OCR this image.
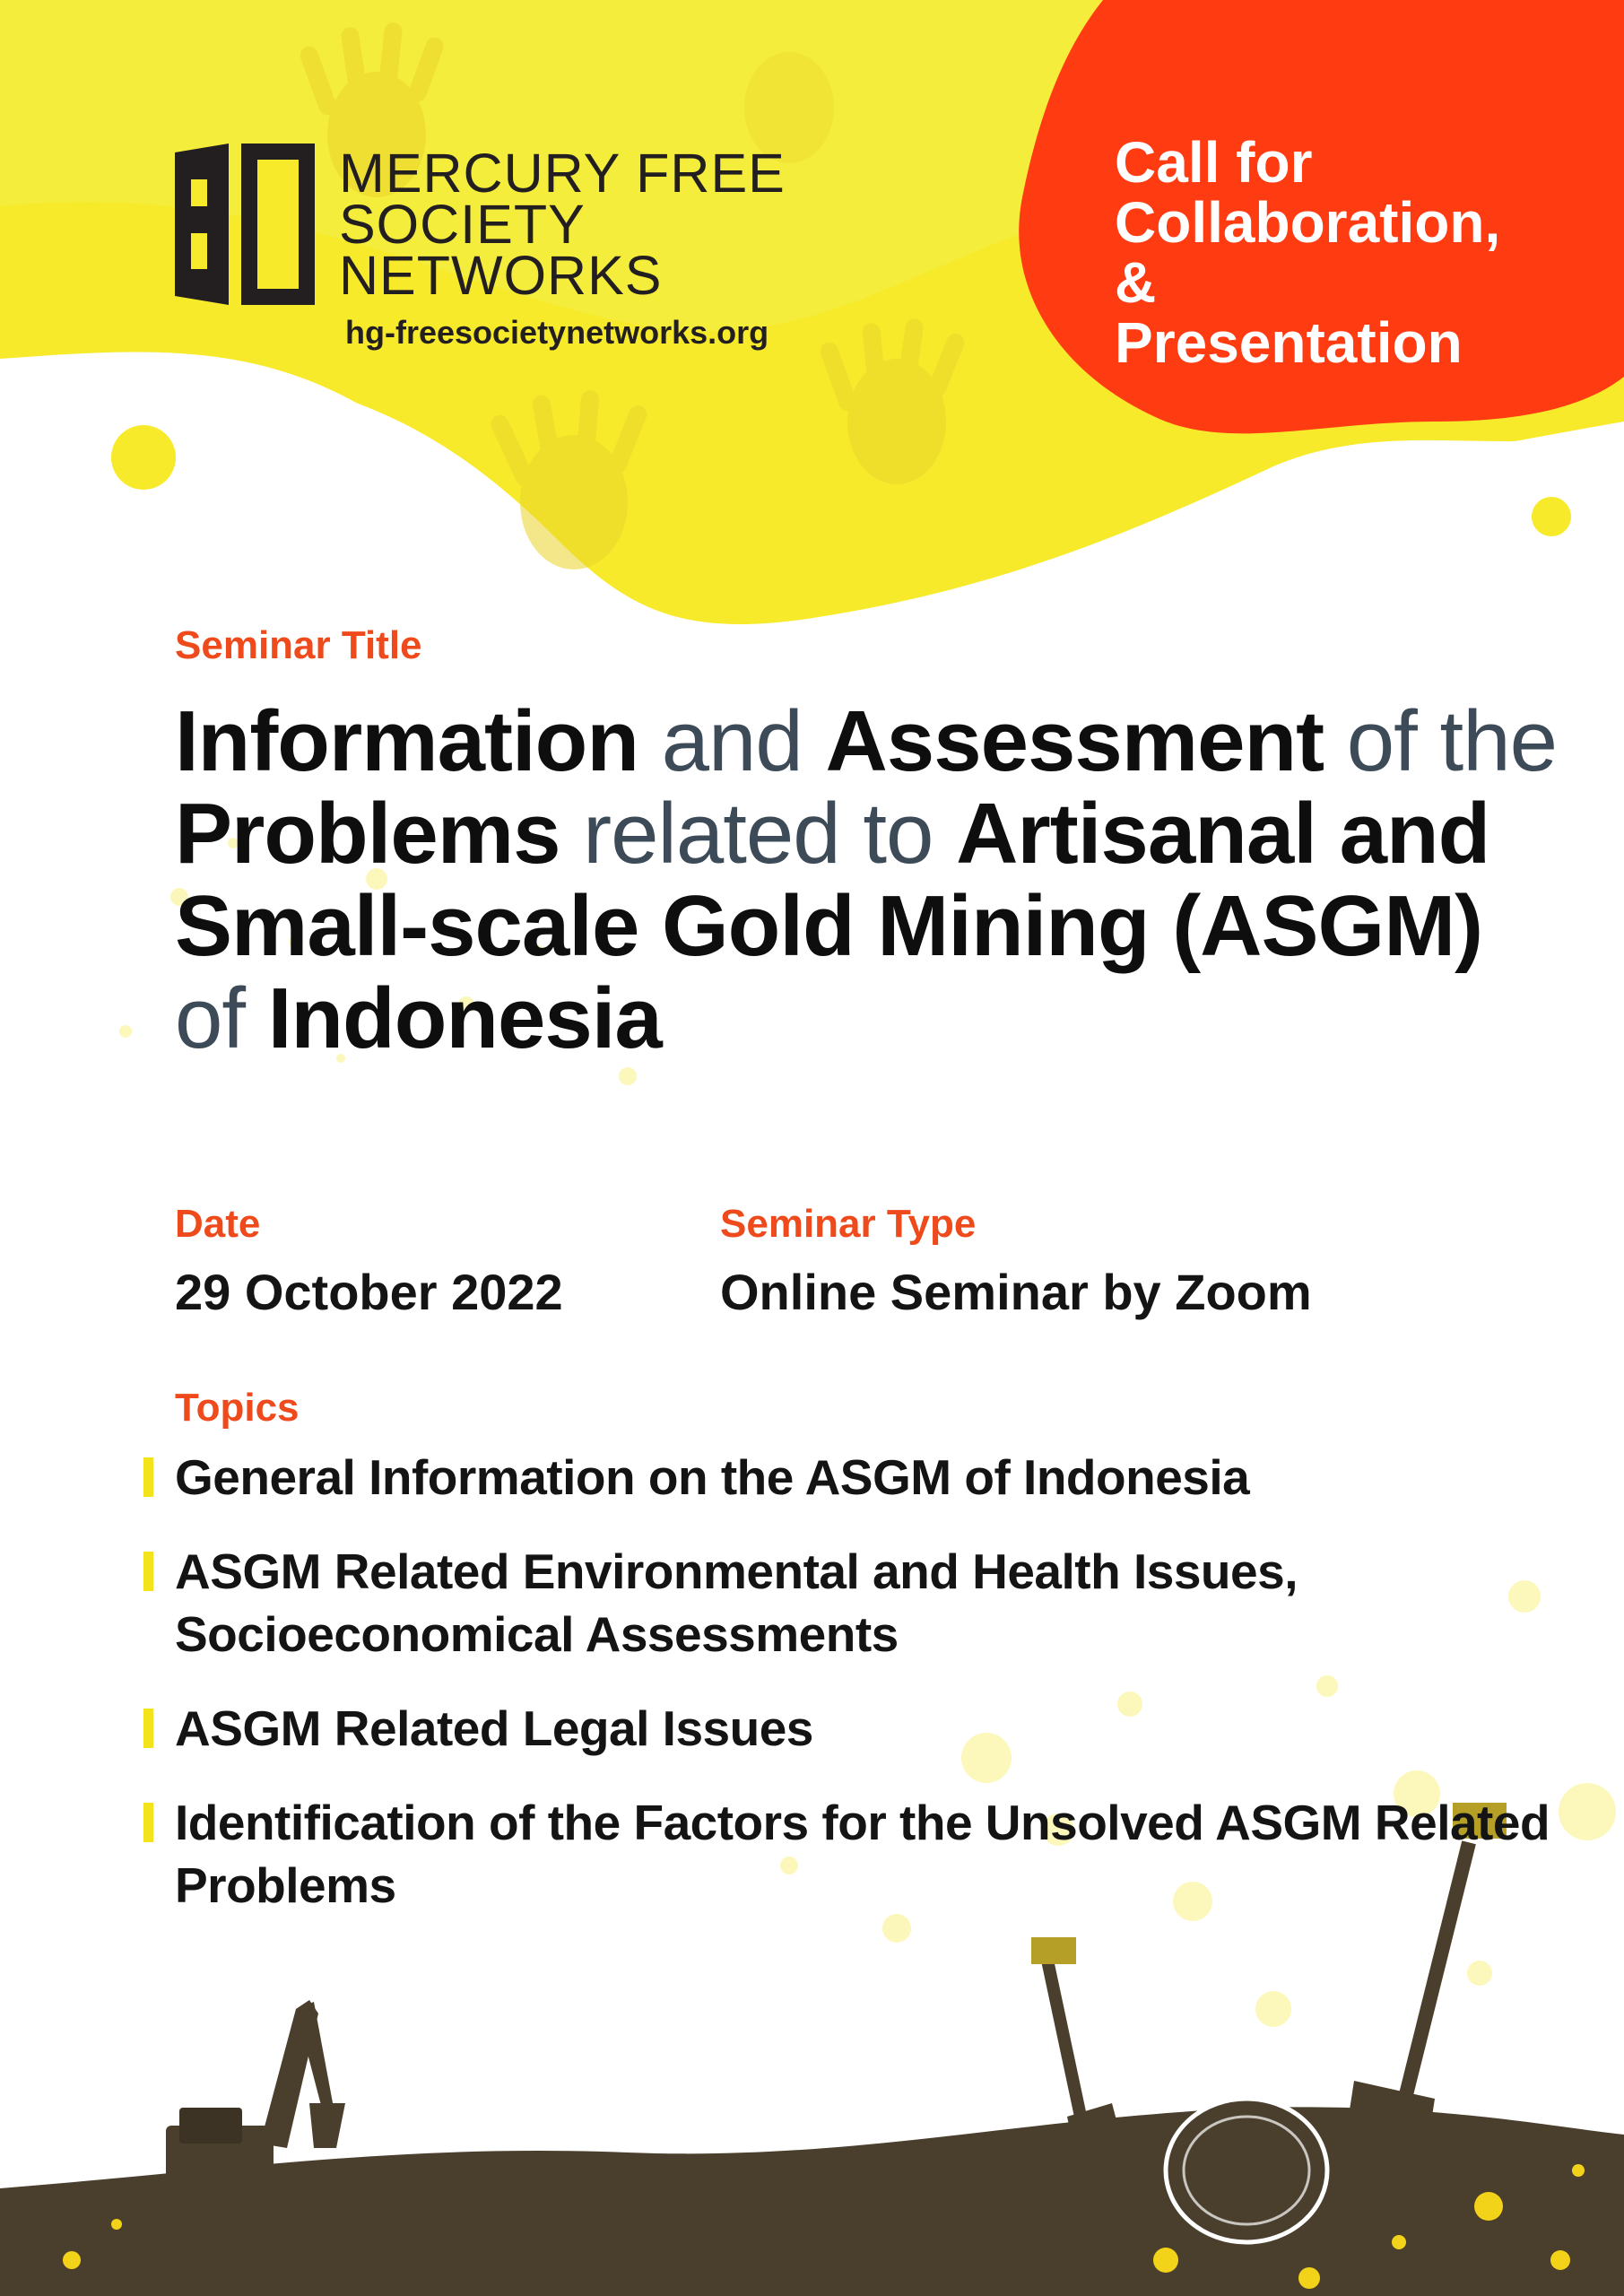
MERCURY FREE
SOCIETY
NETWORKS
hg-freesocietynetworks.org
Call for
Collaboration,
&
Presentation
Seminar Title
Information and Assessment of the Problems related to Artisanal and Small-scale Gold Mining (ASGM) of Indonesia
Date
29 October 2022
Seminar Type
Online Seminar by Zoom
Topics
General Information on the ASGM of Indonesia
ASGM Related Environmental and Health Issues, Socioeconomical Assessments
ASGM Related Legal Issues
Identification of the Factors for the Unsolved ASGM Related Problems
